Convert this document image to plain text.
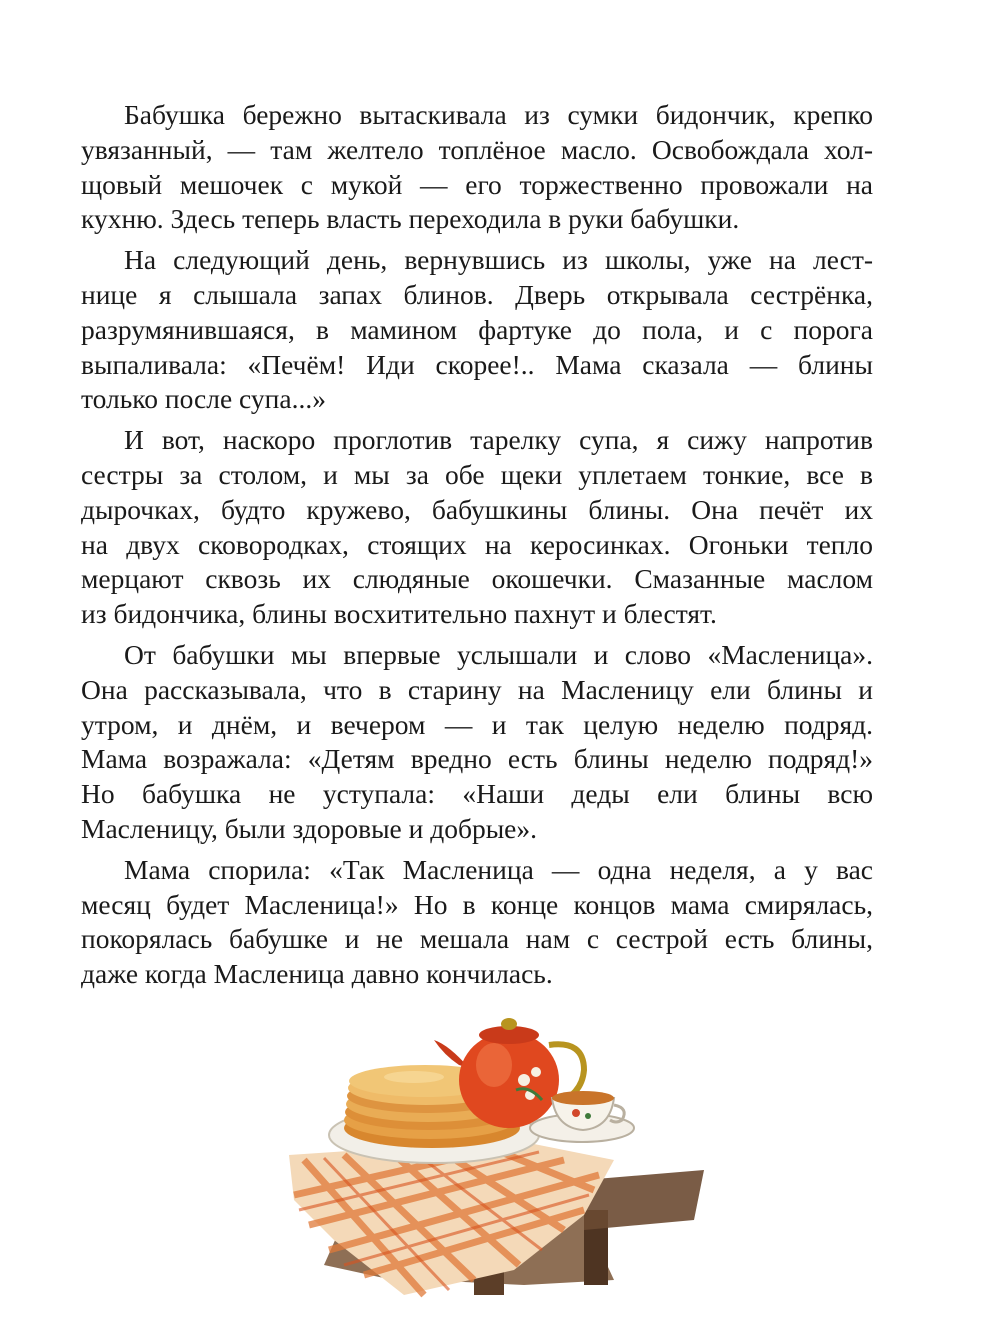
Бабушка бережно вытаскивала из сумки бидончик, крепко
увязанный, — там желтело топлёное масло. Освобождала хол-
щовый мешочек с мукой — его торжественно провожали на
кухню. Здесь теперь власть переходила в руки бабушки.

На следующий день, вернувшись из школы, уже на лест-
нице я слышала запах блинов. Дверь открывала сестрёнка,
разрумянившаяся, в мамином фартуке до пола, и с порога
выпаливала: «Печём! Иди скорее!.. Мама сказала — блины
только после супа...»

И вот, наскоро проглотив тарелку супа, я сижу напротив
сестры за столом, и мы за обе щеки уплетаем тонкие, все в
дырочках, будто кружево, бабушкины блины. Она печёт их
на двух сковородках, стоящих на керосинках. Огоньки тепло
мерцают сквозь их слюдяные окошечки. Смазанные маслом
из бидончика, блины восхитительно пахнут и блестят.

От бабушки мы впервые услышали и слово «Масленица».
Она рассказывала, что в старину на Масленицу ели блины и
утром, и днём, и вечером — и так целую неделю подряд.
Мама возражала: «Детям вредно есть блины неделю подряд!»
Но бабушка не уступала: «Наши деды ели блины всю
Масленицу, были здоровые и добрые».

Мама спорила: «Так Масленица — одна неделя, а у вас
месяц будет Масленица!» Но в конце концов мама смирялась,
покорялась бабушке и не мешала нам с сестрой есть блины,
даже когда Масленица давно кончилась.
